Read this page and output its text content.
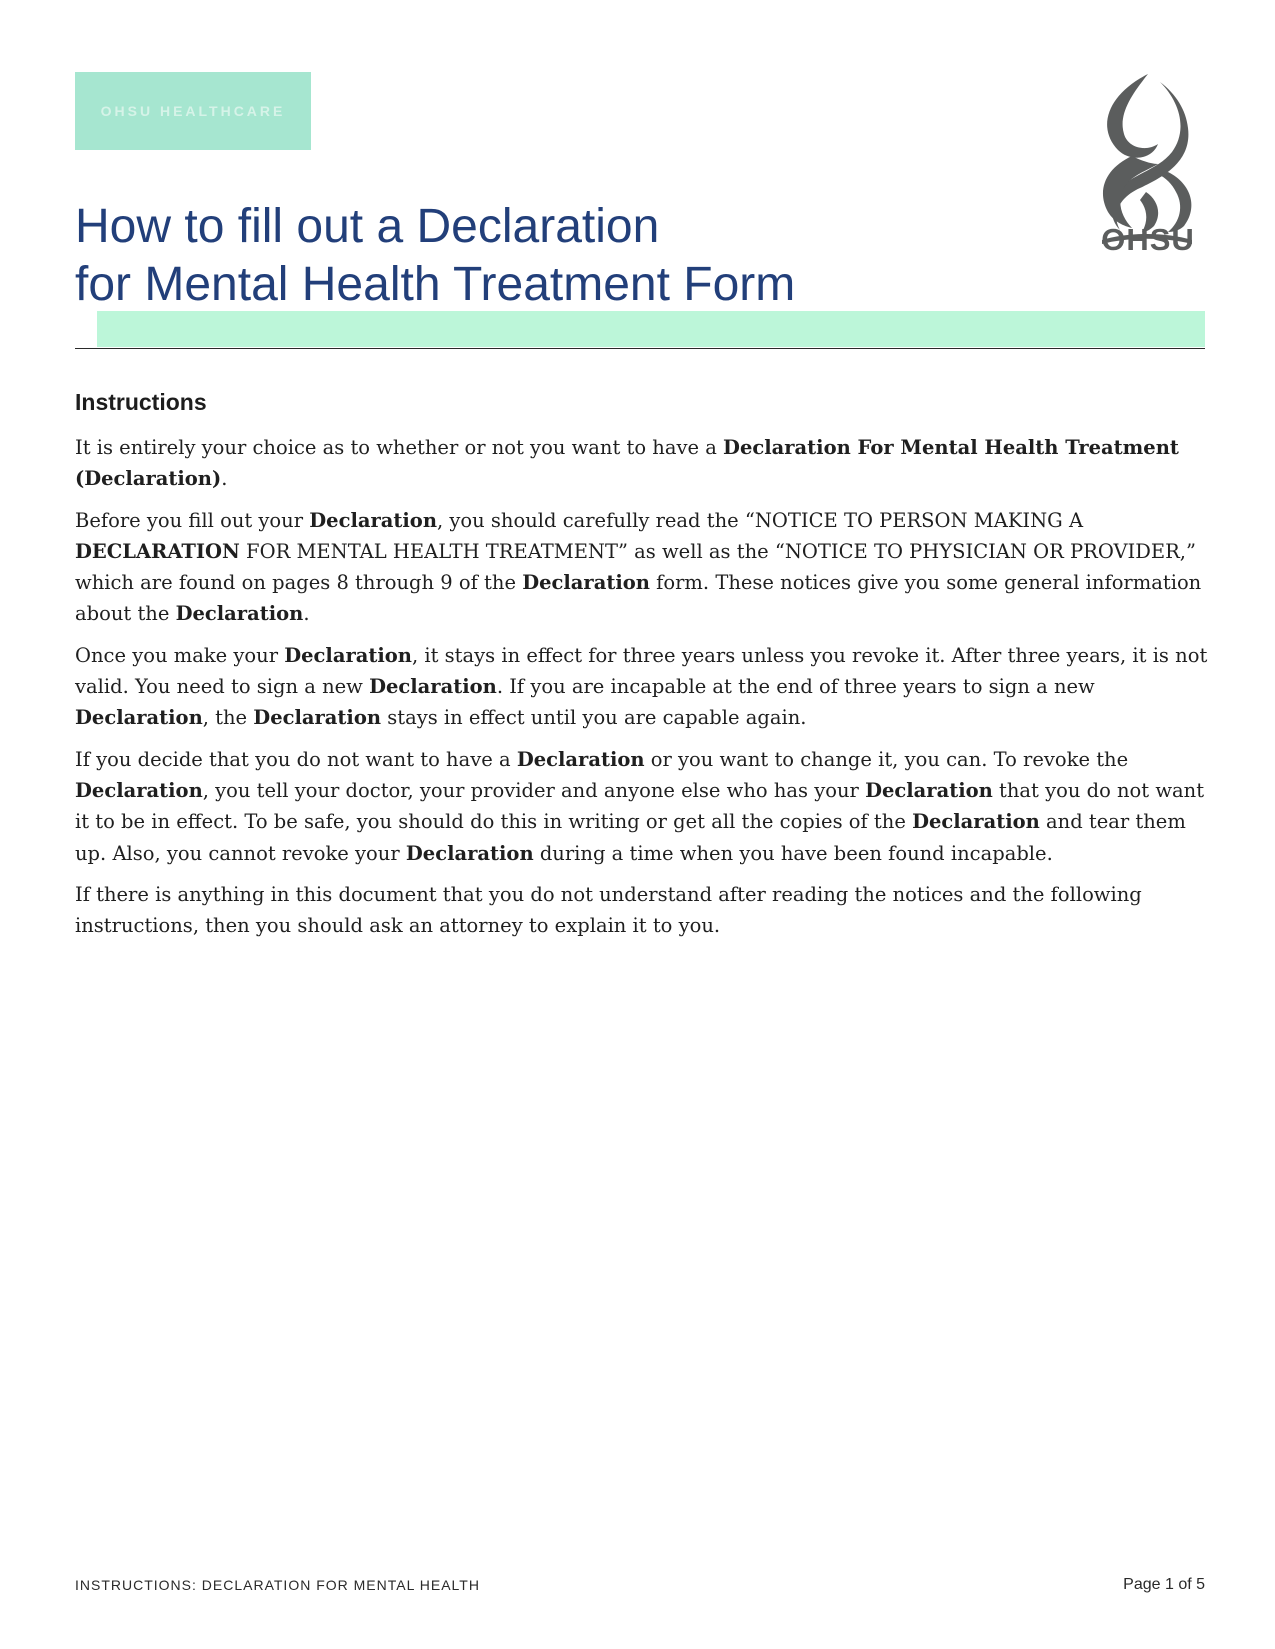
OHSU HEALTHCARE
OHSU
How to fill out a Declaration
for Mental Health Treatment Form
Instructions

It is entirely your choice as to whether or not you want to have a Declaration For Mental Health Treatment (Declaration).

Before you fill out your Declaration, you should carefully read the “NOTICE TO PERSON MAKING A DECLARATION FOR MENTAL HEALTH TREATMENT” as well as the “NOTICE TO PHYSICIAN OR PROVIDER,” which are found on pages 8 through 9 of the Declaration form. These notices give you some general information about the Declaration.

Once you make your Declaration, it stays in effect for three years unless you revoke it. After three years, it is not valid. You need to sign a new Declaration. If you are incapable at the end of three years to sign a new Declaration, the Declaration stays in effect until you are capable again.

If you decide that you do not want to have a Declaration or you want to change it, you can. To revoke the Declaration, you tell your doctor, your provider and anyone else who has your Declaration that you do not want it to be in effect. To be safe, you should do this in writing or get all the copies of the Declaration and tear them up. Also, you cannot revoke your Declaration during a time when you have been found incapable.

If there is anything in this document that you do not understand after reading the notices and the following instructions, then you should ask an attorney to explain it to you.

INSTRUCTIONS: DECLARATION FOR MENTAL HEALTH	Page 1 of 5
